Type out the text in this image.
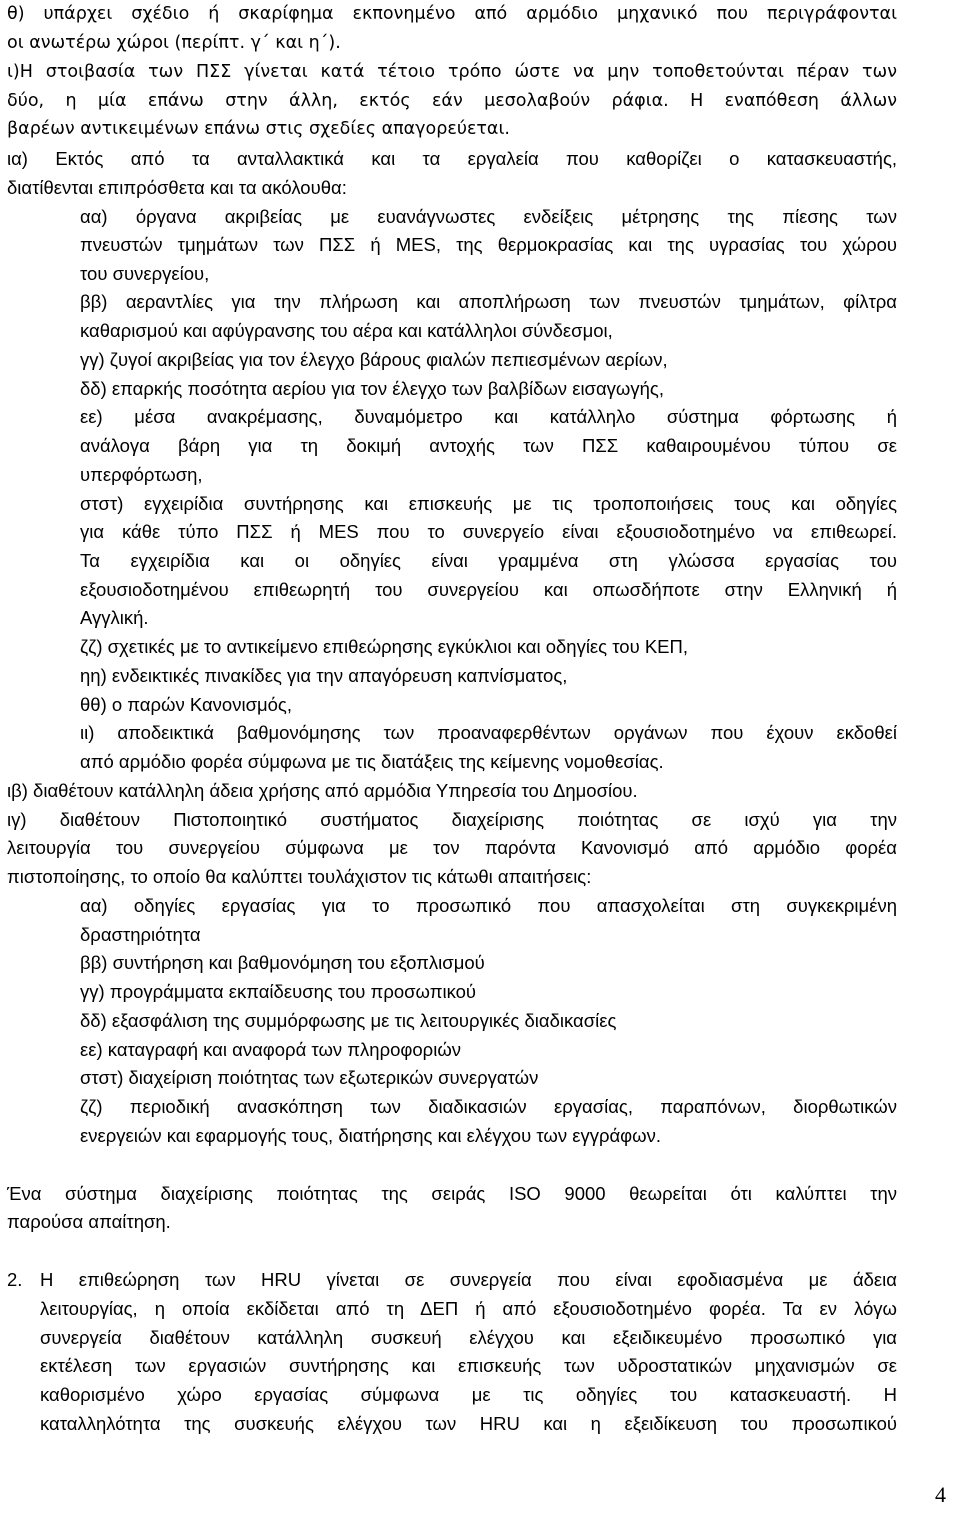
θ) υπάρχει σχέδιο ή σκαρίφημα εκπονημένο από αρμόδιο μηχανικό που περιγράφονται
οι ανωτέρω χώροι (περίπτ. γ΄ και η΄).
ι)Η στοιβασία των ΠΣΣ γίνεται κατά τέτοιο τρόπο ώστε να μην τοποθετούνται πέραν των
δύο, η μία επάνω στην άλλη, εκτός εάν μεσολαβούν ράφια. Η εναπόθεση άλλων
βαρέων αντικειμένων επάνω στις σχεδίες απαγορεύεται.
ια) Εκτός από τα ανταλλακτικά και τα εργαλεία που καθορίζει ο κατασκευαστής,
διατίθενται επιπρόσθετα και τα ακόλουθα:
αα) όργανα ακριβείας με ευανάγνωστες ενδείξεις μέτρησης της πίεσης των
πνευστών τμημάτων των ΠΣΣ ή MES, της θερμοκρασίας και της υγρασίας του χώρου
του συνεργείου,
ββ) αεραντλίες για την πλήρωση και αποπλήρωση των πνευστών τμημάτων, φίλτρα
καθαρισμού και αφύγρανσης του αέρα και κατάλληλοι σύνδεσμοι,
γγ) ζυγοί ακριβείας για τον έλεγχο βάρους φιαλών πεπιεσμένων αερίων,
δδ) επαρκής ποσότητα αερίου για τον έλεγχο των βαλβίδων εισαγωγής,
εε) μέσα ανακρέμασης, δυναμόμετρο και κατάλληλο σύστημα φόρτωσης ή
ανάλογα βάρη για τη δοκιμή αντοχής των ΠΣΣ καθαιρουμένου τύπου σε
υπερφόρτωση,
στστ) εγχειρίδια συντήρησης και επισκευής με τις τροποποιήσεις τους και οδηγίες
για κάθε τύπο ΠΣΣ ή MES που το συνεργείο είναι εξουσιοδοτημένο να επιθεωρεί.
Τα εγχειρίδια και οι οδηγίες είναι γραμμένα στη γλώσσα εργασίας του
εξουσιοδοτημένου επιθεωρητή του συνεργείου και οπωσδήποτε στην Ελληνική ή
Αγγλική.
ζζ) σχετικές με το αντικείμενο επιθεώρησης εγκύκλιοι και οδηγίες του ΚΕΠ,
ηη) ενδεικτικές πινακίδες για την απαγόρευση καπνίσματος,
θθ) ο παρών Κανονισμός,
ιι) αποδεικτικά βαθμονόμησης των προαναφερθέντων οργάνων που έχουν εκδοθεί
από αρμόδιο φορέα σύμφωνα με τις διατάξεις της κείμενης νομοθεσίας.
ιβ) διαθέτουν κατάλληλη άδεια χρήσης από αρμόδια Υπηρεσία του Δημοσίου.
ιγ) διαθέτουν Πιστοποιητικό συστήματος διαχείρισης ποιότητας σε ισχύ για την
λειτουργία του συνεργείου σύμφωνα με τον παρόντα Κανονισμό από αρμόδιο φορέα
πιστοποίησης, το οποίο θα καλύπτει τουλάχιστον τις κάτωθι απαιτήσεις:
αα) οδηγίες εργασίας για το προσωπικό που απασχολείται στη συγκεκριμένη
δραστηριότητα
ββ) συντήρηση και βαθμονόμηση του εξοπλισμού
γγ) προγράμματα εκπαίδευσης του προσωπικού
δδ) εξασφάλιση της συμμόρφωσης με τις λειτουργικές διαδικασίες
εε) καταγραφή και αναφορά των πληροφοριών
στστ) διαχείριση ποιότητας των εξωτερικών συνεργατών
ζζ) περιοδική ανασκόπηση των διαδικασιών εργασίας, παραπόνων, διορθωτικών
ενεργειών και εφαρμογής τους, διατήρησης και ελέγχου των εγγράφων.
Ένα σύστημα διαχείρισης ποιότητας της σειράς ISO 9000 θεωρείται ότι καλύπτει την
παρούσα απαίτηση.
2. Η επιθεώρηση των HRU γίνεται σε συνεργεία που είναι εφοδιασμένα με άδεια
λειτουργίας, η οποία εκδίδεται από τη ΔΕΠ ή από εξουσιοδοτημένο φορέα. Τα εν λόγω
συνεργεία διαθέτουν κατάλληλη συσκευή ελέγχου και εξειδικευμένο προσωπικό για
εκτέλεση των εργασιών συντήρησης και επισκευής των υδροστατικών μηχανισμών σε
καθορισμένο χώρο εργασίας σύμφωνα με τις οδηγίες του κατασκευαστή. Η
καταλληλότητα της συσκευής ελέγχου των HRU και η εξειδίκευση του προσωπικού
4
